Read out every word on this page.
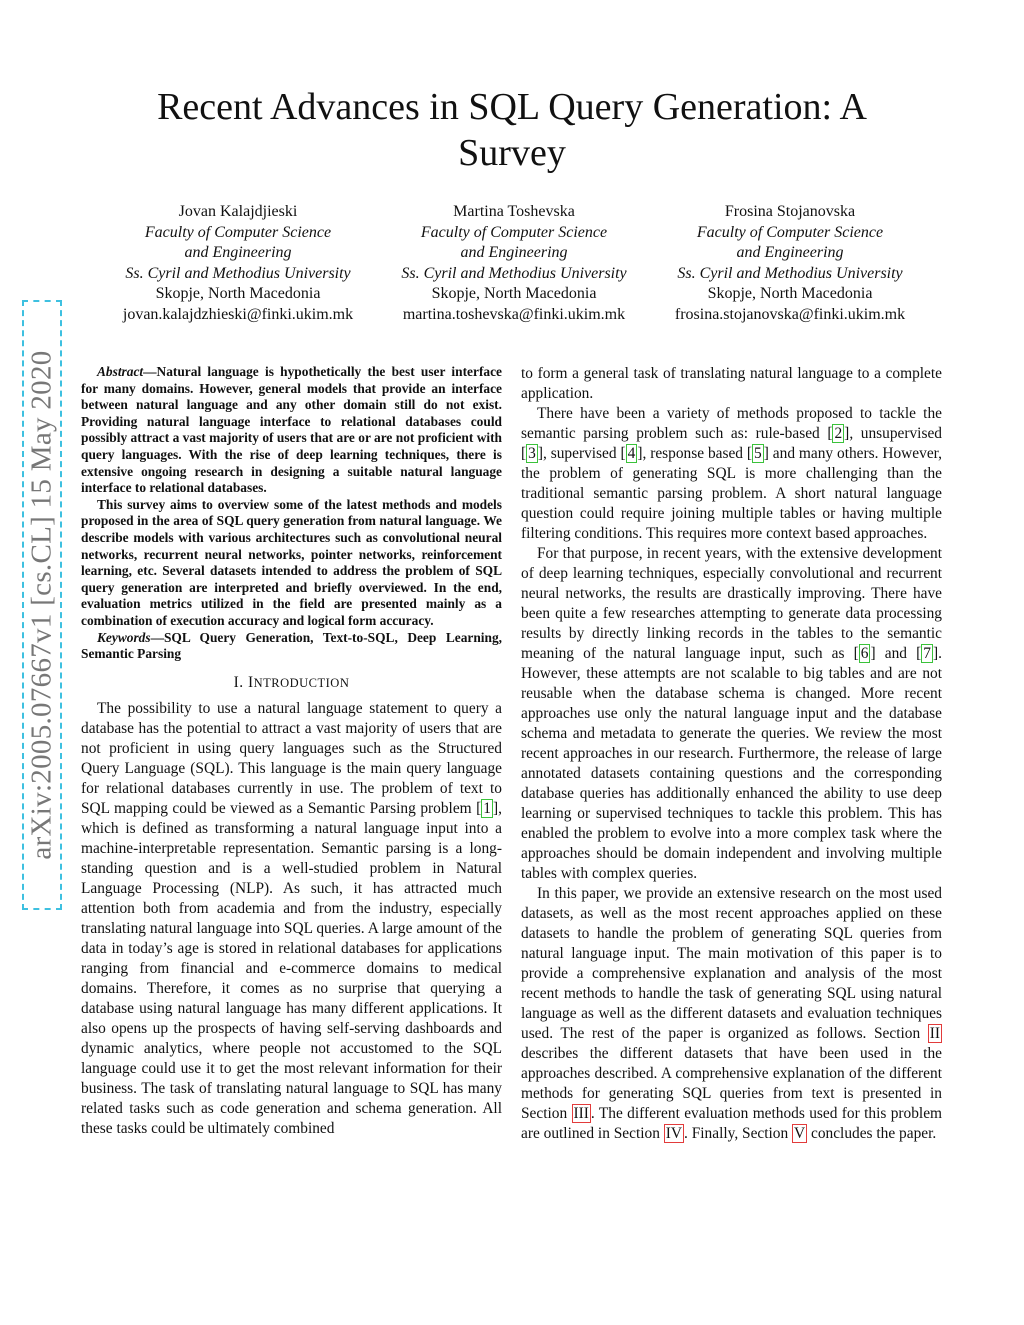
arXiv:2005.07667v1 [cs.CL] 15 May 2020
Recent Advances in SQL Query Generation: A
Survey
Jovan Kalajdjieski
Faculty of Computer Science
and Engineering
Ss. Cyril and Methodius University
Skopje, North Macedonia
jovan.kalajdzhieski@finki.ukim.mk
Martina Toshevska
Faculty of Computer Science
and Engineering
Ss. Cyril and Methodius University
Skopje, North Macedonia
martina.toshevska@finki.ukim.mk
Frosina Stojanovska
Faculty of Computer Science
and Engineering
Ss. Cyril and Methodius University
Skopje, North Macedonia
frosina.stojanovska@finki.ukim.mk

Abstract—Natural language is hypothetically the best user interface for many domains. However, general models that provide an interface between natural language and any other domain still do not exist. Providing natural language interface to relational databases could possibly attract a vast majority of users that are or are not proficient with query languages. With the rise of deep learning techniques, there is extensive ongoing research in designing a suitable natural language interface to relational databases.

This survey aims to overview some of the latest methods and models proposed in the area of SQL query generation from natural language. We describe models with various architectures such as convolutional neural networks, recurrent neural networks, pointer networks, reinforcement learning, etc. Several datasets intended to address the problem of SQL query generation are interpreted and briefly overviewed. In the end, evaluation metrics utilized in the field are presented mainly as a combination of execution accuracy and logical form accuracy.

Keywords—SQL Query Generation, Text-to-SQL, Deep Learning, Semantic Parsing

I. INTRODUCTION

The possibility to use a natural language statement to query a database has the potential to attract a vast majority of users that are not proficient in using query languages such as the Structured Query Language (SQL). This language is the main query language for relational databases currently in use. The problem of text to SQL mapping could be viewed as a Semantic Parsing problem [ 1 ], which is defined as transforming a natural language input into a machine-interpretable representation. Semantic parsing is a long-standing question and is a well-studied problem in Natural Language Processing (NLP). As such, it has attracted much attention both from academia and from the industry, especially translating natural language into SQL queries. A large amount of the data in today’s age is stored in relational databases for applications ranging from financial and e-commerce domains to medical domains. Therefore, it comes as no surprise that querying a database using natural language has many different applications. It also opens up the prospects of having self-serving dashboards and dynamic analytics, where people not accustomed to the SQL language could use it to get the most relevant information for their business. The task of translating natural language to SQL has many related tasks such as code generation and schema generation. All these tasks could be ultimately combined

to form a general task of translating natural language to a complete application.

There have been a variety of methods proposed to tackle the semantic parsing problem such as: rule-based [ 2 ], unsupervised [ 3 ], supervised [ 4 ], response based [ 5 ] and many others. However, the problem of generating SQL is more challenging than the traditional semantic parsing problem. A short natural language question could require joining multiple tables or having multiple filtering conditions. This requires more context based approaches.

For that purpose, in recent years, with the extensive development of deep learning techniques, especially convolutional and recurrent neural networks, the results are drastically improving. There have been quite a few researches attempting to generate data processing results by directly linking records in the tables to the semantic meaning of the natural language input, such as [ 6 ] and [ 7 ]. However, these attempts are not scalable to big tables and are not reusable when the database schema is changed. More recent approaches use only the natural language input and the database schema and metadata to generate the queries. We review the most recent approaches in our research. Furthermore, the release of large annotated datasets containing questions and the corresponding database queries has additionally enhanced the ability to use deep learning or supervised techniques to tackle this problem. This has enabled the problem to evolve into a more complex task where the approaches should be domain independent and involving multiple tables with complex queries.

In this paper, we provide an extensive research on the most used datasets, as well as the most recent approaches applied on these datasets to handle the problem of generating SQL queries from natural language input. The main motivation of this paper is to provide a comprehensive explanation and analysis of the most recent methods to handle the task of generating SQL using natural language as well as the different datasets and evaluation techniques used. The rest of the paper is organized as follows. Section II describes the different datasets that have been used in the approaches described. A comprehensive explanation of the different methods for generating SQL queries from text is presented in Section III . The different evaluation methods used for this problem are outlined in Section IV . Finally, Section V concludes the paper.
